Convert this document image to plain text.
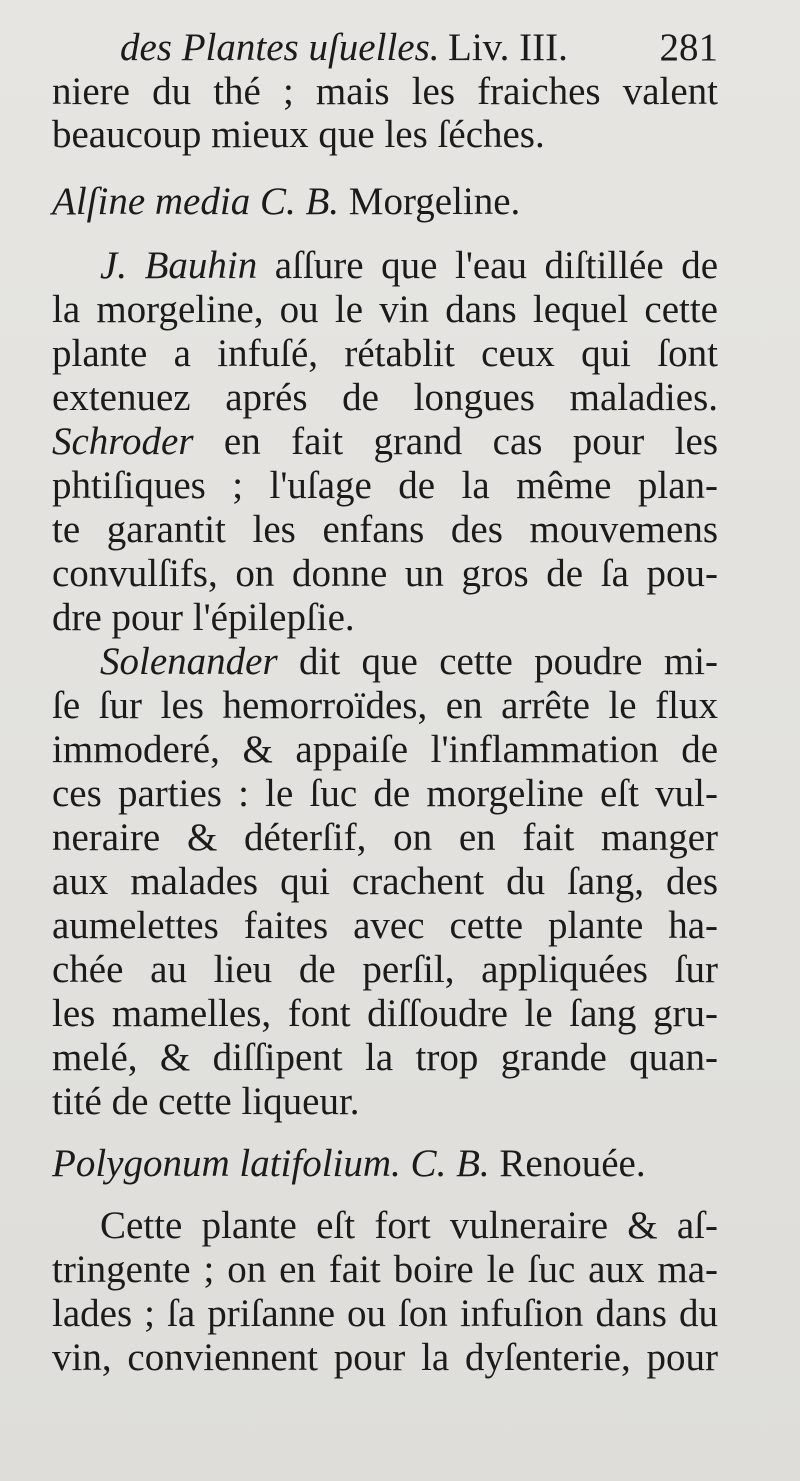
des Plantes uſuelles. Liv. III. 281
niere du thé ; mais les fraiches valent
beaucoup mieux que les ſéches.
Alſine media C. B. Morgeline.
J. Bauhin aſſure que l'eau diſtillée de
la morgeline, ou le vin dans lequel cette
plante a infuſé, rétablit ceux qui ſont
extenuez aprés de longues maladies.
Schroder en fait grand cas pour les
phtiſiques ; l'uſage de la même plan-
te garantit les enfans des mouvemens
convulſifs, on donne un gros de ſa pou-
dre pour l'épilepſie.
Solenander dit que cette poudre mi-
ſe ſur les hemorroïdes, en arrête le flux
immoderé, & appaiſe l'inflammation de
ces parties : le ſuc de morgeline eſt vul-
neraire & déterſif, on en fait manger
aux malades qui crachent du ſang, des
aumelettes faites avec cette plante ha-
chée au lieu de perſil, appliquées ſur
les mamelles, font diſſoudre le ſang gru-
melé, & diſſipent la trop grande quan-
tité de cette liqueur.
Polygonum latifolium. C. B. Renouée.
Cette plante eſt fort vulneraire & aſ-
tringente ; on en fait boire le ſuc aux ma-
lades ; ſa priſanne ou ſon infuſion dans du
vin, conviennent pour la dyſenterie, pour
